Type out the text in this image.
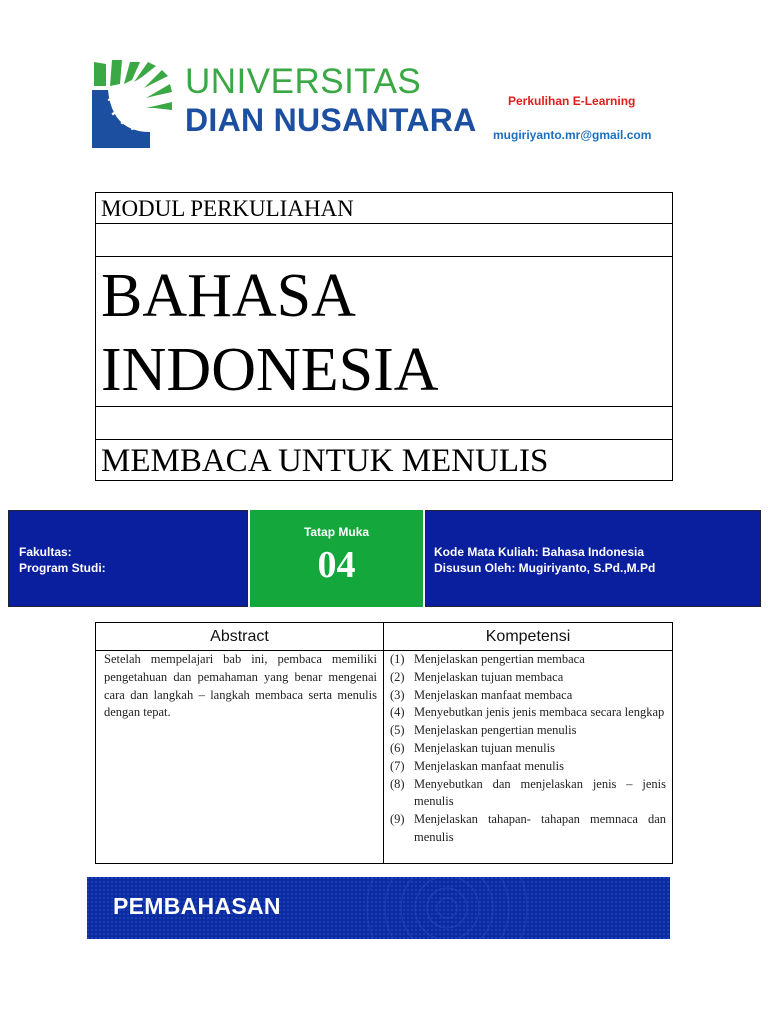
UNIVERSITAS
DIAN NUSANTARA
Perkulihan E-Learning
mugiriyanto.mr@gmail.com
MODUL PERKULIAHAN
BAHASA
INDONESIA
MEMBACA UNTUK MENULIS
Fakultas:
Program Studi:
Tatap Muka
04	Kode Mata Kuliah: Bahasa Indonesia
Disusun Oleh: Mugiriyanto, S.Pd.,M.Pd
Abstract
Setelah mempelajari bab ini, pembaca memiliki pengetahuan dan pemahaman yang benar mengenai cara dan langkah – langkah membaca serta menulis dengan tepat.
Kompetensi
(1) Menjelaskan pengertian membaca
(2) Menjelaskan tujuan membaca
(3) Menjelaskan manfaat membaca
(4) Menyebutkan jenis jenis membaca secara lengkap
(5) Menjelaskan pengertian menulis
(6) Menjelaskan tujuan menulis
(7) Menjelaskan manfaat menulis
(8) Menyebutkan dan menjelaskan jenis – jenis menulis
(9) Menjelaskan tahapan- tahapan memnaca dan menulis
PEMBAHASAN
